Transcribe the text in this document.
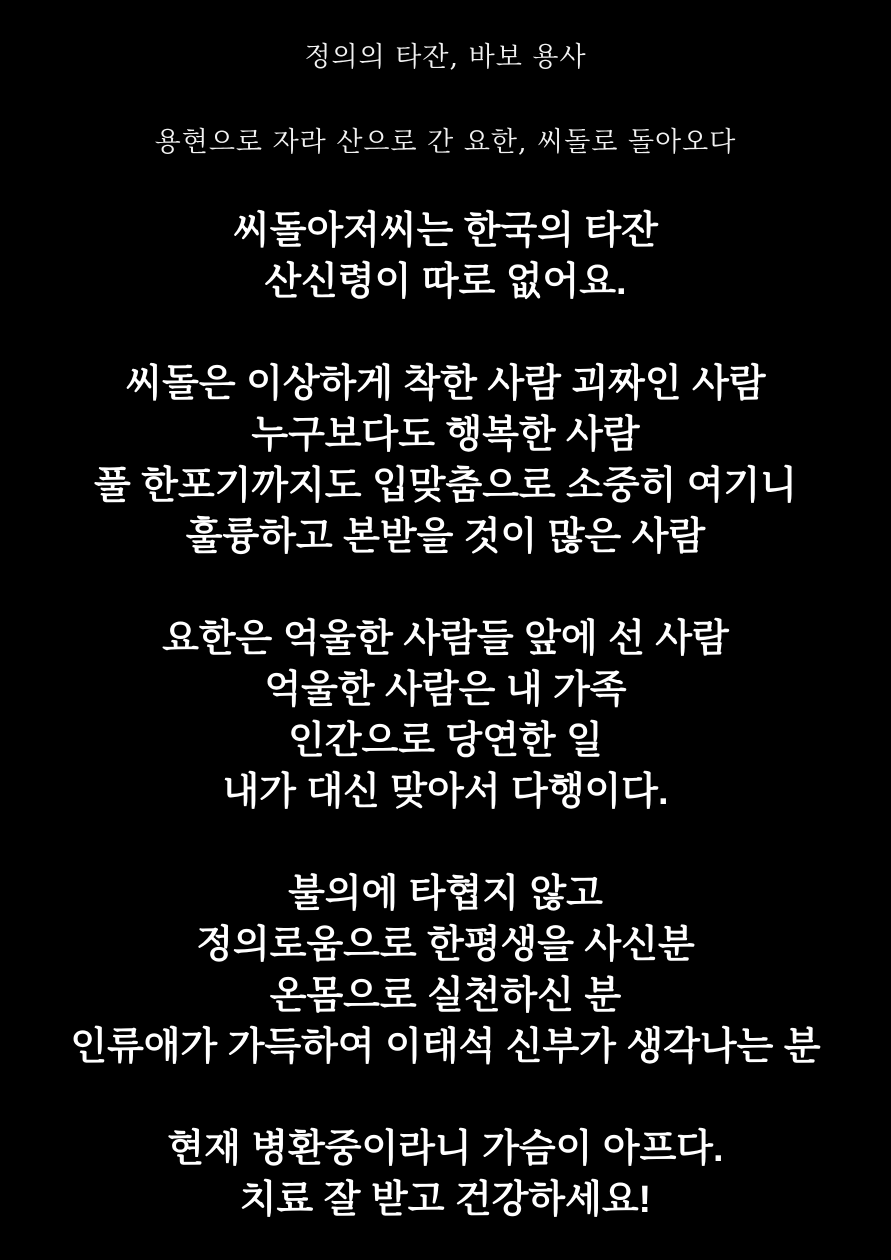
정의의 타잔, 바보 용사
용현으로 자라 산으로 간 요한, 씨돌로 돌아오다
씨돌아저씨는 한국의 타잔
산신령이 따로 없어요.
씨돌은 이상하게 착한 사람 괴짜인 사람
누구보다도 행복한 사람
풀 한포기까지도 입맞춤으로 소중히 여기니
훌륭하고 본받을 것이 많은 사람
요한은 억울한 사람들 앞에 선 사람
억울한 사람은 내 가족
인간으로 당연한 일
내가 대신 맞아서 다행이다.
불의에 타협지 않고
정의로움으로 한평생을 사신분
온몸으로 실천하신 분
인류애가 가득하여 이태석 신부가 생각나는 분
현재 병환중이라니 가슴이 아프다.
치료 잘 받고 건강하세요!
